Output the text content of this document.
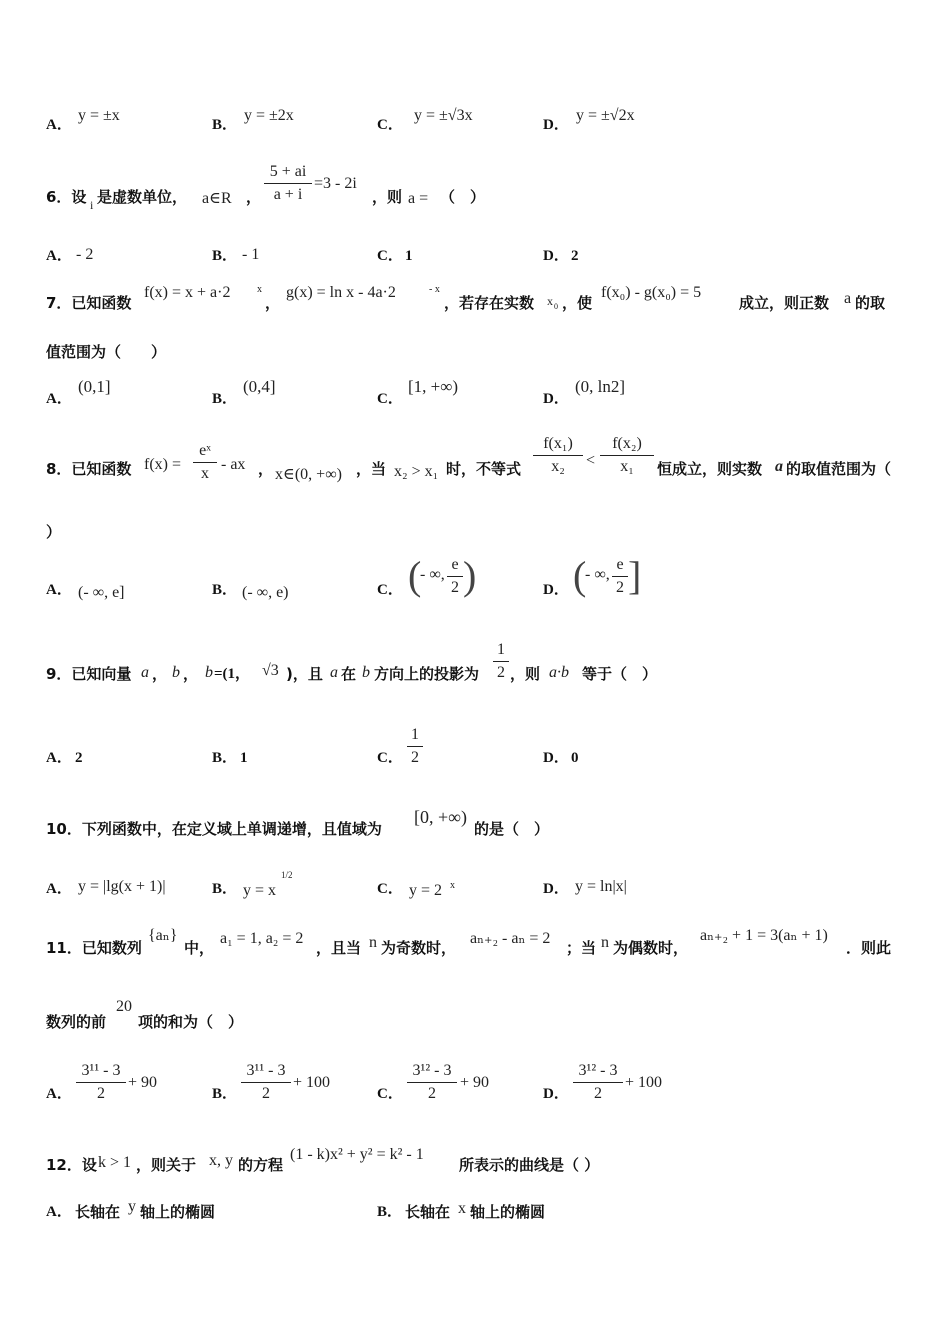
A．
y = ±x
B．
y = ±2x
C．
y = ±√3x
D．
y = ±√2x
6．设 i 是虚数单位， a∈R ，
5 + ai
a + i
=3 - 2i
，则 a = （　）
A． - 2	B． - 1	C． 1	D． 2
7．已知函数
f(x) = x + a·2	x
，
g(x) = ln x - 4a·2	- x
，若存在实数 x 0 ，使
f(x₀) - g(x₀) = 5
成立，则正数 a 的取
值范围为（　　）
A．
(0,1]
B．
(0,4]
C．
[1, +∞)
D．
(0, ln2]
8．已知函数 f(x) =
eˣ
x
- ax ， x∈(0, +∞) ，当 x₂ > x₁ 时，不等式
f(x₁)
x₂	<
f(x₂)
x₁	恒成立，则实数 a 的取值范围为（
）
A． (- ∞, e]	B． (- ∞, e)	C． (
- ∞,
e
2 )	D． (
- ∞,
e
2 ]
9．已知向量 a ， b ， b =(1， √3 )，且 a 在 b 方向上的投影为
1
2 ，则 a·b 等于（　）
A． 2	B． 1	C．
1
2	D． 0
10．下列函数中，在定义域上单调递增，且值域为
[0, +∞)
的是（　）
A． y = |lg(x + 1)|	B． y = x
1/2
C． y = 2 x	D． y = ln|x|
11．已知数列
{aₙ}
中，
a₁ = 1, a₂ = 2
，且当 n 为奇数时，
aₙ₊₂ - aₙ = 2
；当 n 为偶数时，
aₙ₊₂ + 1 = 3(aₙ + 1)
．则此
数列的前
20
项的和为（　）
A．
3¹¹ - 3
2
+ 90
B．
3¹¹ - 3
2
+ 100
C．
3¹² - 3
2
+ 90
D．
3¹² - 3
2
+ 100
12．设 k > 1 ，则关于 x, y 的方程
(1 - k)x² + y² = k² - 1
所表示的曲线是（ ）
A． 长轴在 y 轴上的椭圆	B． 长轴在 x 轴上的椭圆
